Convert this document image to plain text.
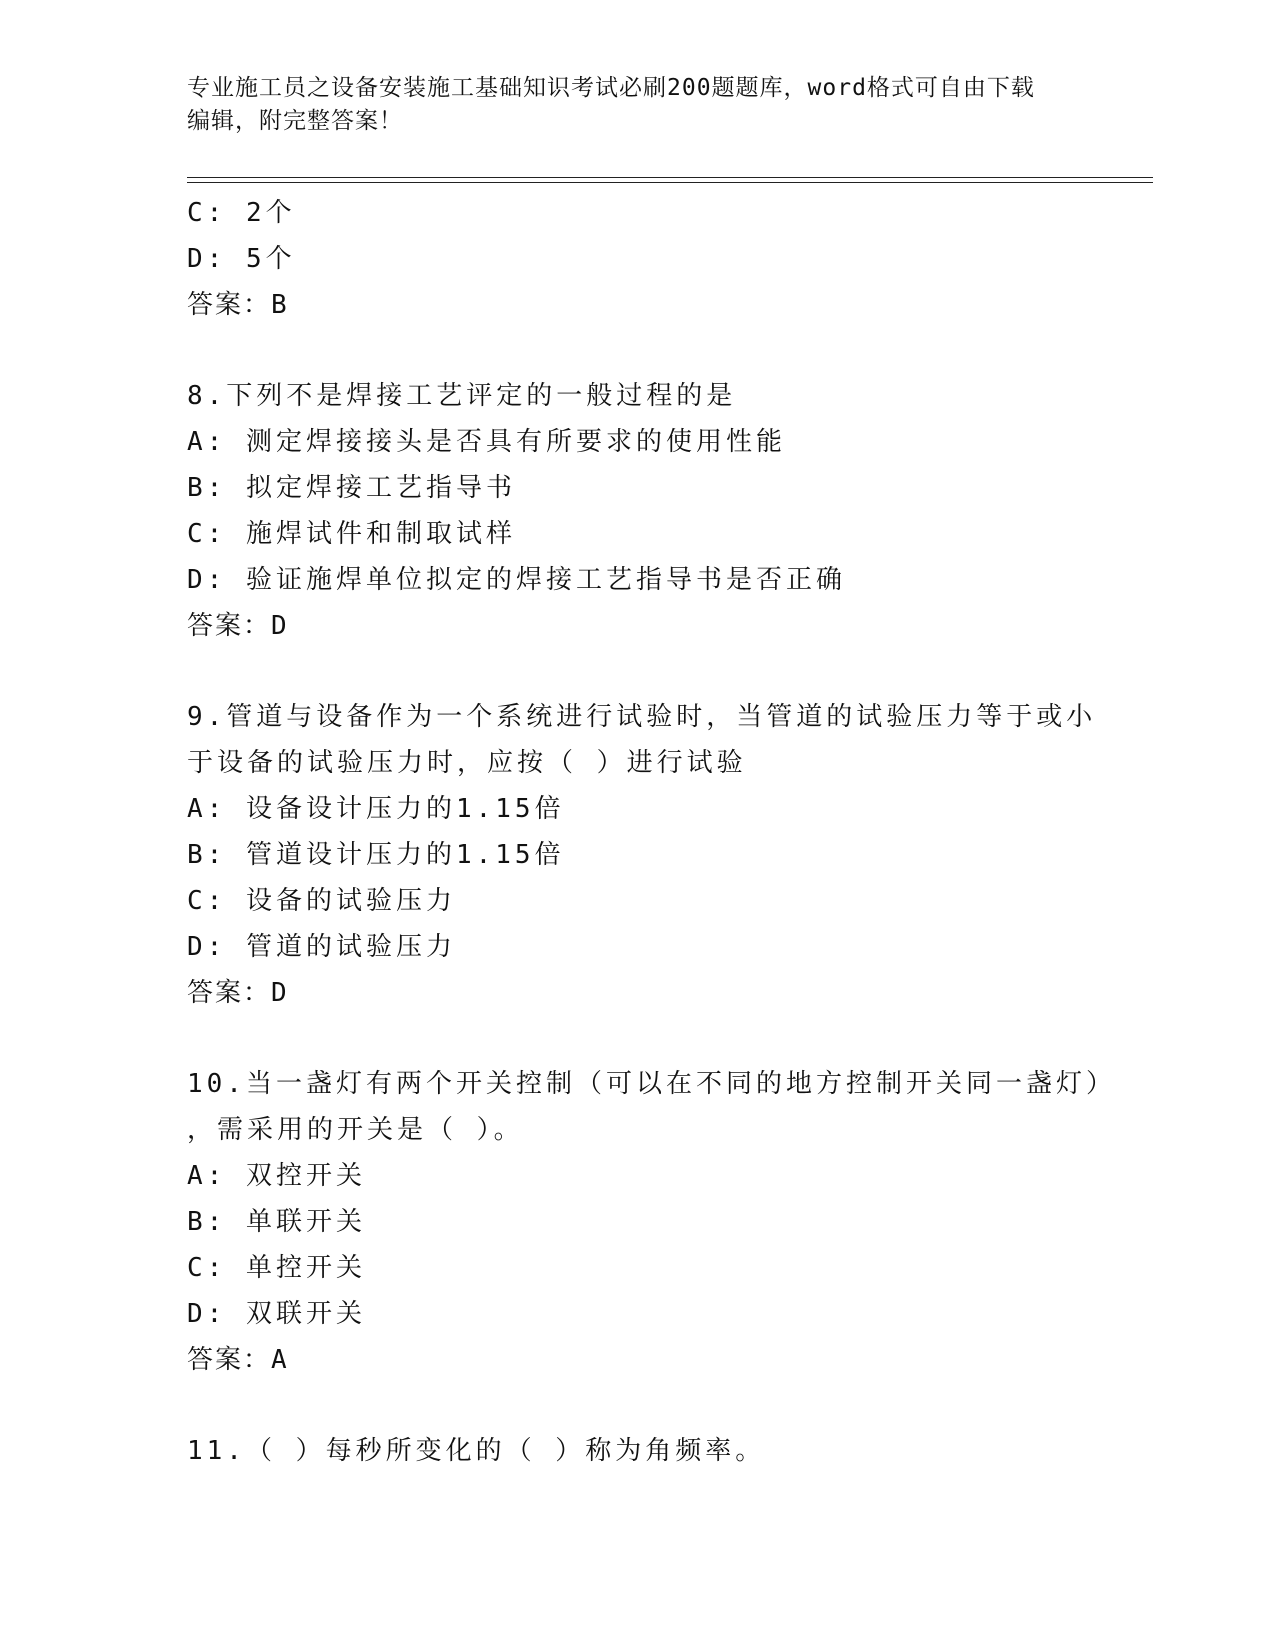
专业施工员之设备安装施工基础知识考试必刷200题题库，word格式可自由下载
编辑，附完整答案！
C: 2个
D: 5个
答案：B
8.下列不是焊接工艺评定的一般过程的是
A: 测定焊接接头是否具有所要求的使用性能
B: 拟定焊接工艺指导书
C: 施焊试件和制取试样
D: 验证施焊单位拟定的焊接工艺指导书是否正确
答案：D
9.管道与设备作为一个系统进行试验时，当管道的试验压力等于或小
于设备的试验压力时，应按（ ）进行试验
A: 设备设计压力的1.15倍
B: 管道设计压力的1.15倍
C: 设备的试验压力
D: 管道的试验压力
答案：D
10.当一盏灯有两个开关控制（可以在不同的地方控制开关同一盏灯）
，需采用的开关是（ ）。
A: 双控开关
B: 单联开关
C: 单控开关
D: 双联开关
答案：A
11.（ ）每秒所变化的（ ）称为角频率。
